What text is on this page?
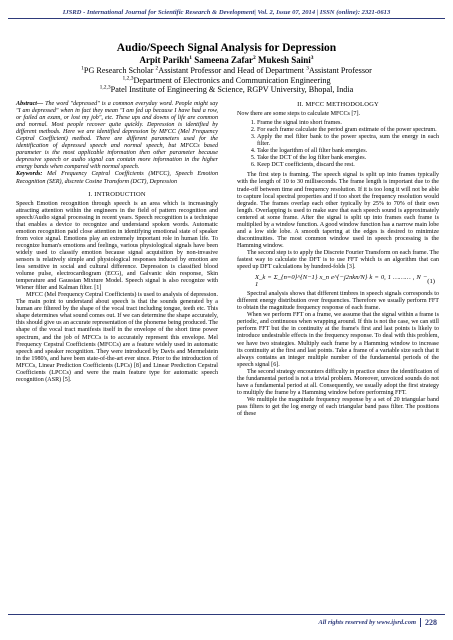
IJSRD - International Journal for Scientific Research & Development| Vol. 2, Issue 07, 2014 | ISSN (online): 2321-0613
Audio/Speech Signal Analysis for Depression
Arpit Parikh$^1$ Sameena Zafar$^2$ Mukesh Saini$^3$
$^1$PG Research Scholar $^2$Assistant Professor and Head of Department $^3$Assistant Professor
$^{1,2,3}$Department of Electronics and Communication Engineering
$^{1,2,3}$Patel Institute of Engineering & Science, RGPV University, Bhopal, India

Abstract— The word "depressed" is a common everyday word. People might say "I am depressed" when in fact they mean "I am fed up because I have had a row, or failed an exam, or lost my job", etc. These ups and downs of life are common and normal. Most people recover quite quickly. Depression is identified by different methods. Here we are identified depression by MFCC (Mel Frequency Ceptral Coefficient) method. There are different parameters used for the identification of depressed speech and normal speech, but MFCCs based parameter is the most applicable information then other parameter because depressive speech or audio signal can contain more information in the higher energy bands when compared with normal speech.

Keywords: Mel Frequency Ceptral Coefficients (MFCC), Speech Emotion Recognition (SER), discrete Cosine Transform (DCT), Depression

I. INTRODUCTION

Speech Emotion recognition through speech is an area which is increasingly attracting attention within the engineers in the field of pattern recognition and speech/Audio signal processing in recent years. Speech recognition is a technique that enables a device to recognize and understand spoken words. Automatic emotion recognition paid close attention in identifying emotional state of speaker from voice signal. Emotions play an extremely important role in human life. To recognize human's emotions and feelings, various physiological signals have been widely used to classify emotion because signal acquisition by non-invasive sensors is relatively simple and physiological responses induced by emotion are less sensitive in social and cultural difference. Depression is classified blood volume pulse, electrocardiogram (ECG), and Galvanic skin response, Skin temperature and Gaussian Mixture Model. Speech signal is also recognize with Wiener filter and Kalman filter. [1]

MFCC (Mel Frequency Ceptral Coefficients) is used to analysis of depression. The main point to understand about speech is that the sounds generated by a human are filtered by the shape of the vocal tract including tongue, teeth etc. This shape determines what sound comes out. If we can determine the shape accurately, this should give us an accurate representation of the phoneme being produced. The shape of the vocal tract manifests itself in the envelope of the short time power spectrum, and the job of MFCCs is to accurately represent this envelope. Mel Frequency Cepstral Coefficients (MFCCs) are a feature widely used in automatic speech and speaker recognition. They were introduced by Davis and Mermelstein in the 1980's, and have been state-of-the-art ever since. Prior to the introduction of MFCCs, Linear Prediction Coefficients (LPCs) [8] and Linear Prediction Cepstral Coefficients (LPCCs) and were the main feature type for automatic speech recognition (ASR) [5].

II. MFCC METHODOLOGY

Now there are some steps to calculate MFCCs [7].

1. Frame the signal into short frames.
2. For each frame calculate the period gram estimate of the power spectrum.
3. Apply the mel filter bank to the power spectra, sum the energy in each filter.
4. Take the logarithm of all filter bank energies.
5. Take the DCT of the log filter bank energies.
6. Keep DCT coefficients, discard the rest.

The first step is framing. The speech signal is split up into frames typically with the length of 10 to 30 milliseconds. The frame length is important due to the trade-off between time and frequency resolution. If it is too long it will not be able to capture local spectral properties and if too short the frequency resolution would degrade. The frames overlap each other typically by 25% to 70% of their own length. Overlapping is used to make sure that each speech sound is approximately centered at some frame. After the signal is split up into frames each frame is multiplied by a window function. A good window function has a narrow main lobe and a low side lobe. A smooth tapering at the edges is desired to minimize discontinuities. The most common window used in speech processing is the Hamming window.

The second step is to apply the Discrete Fourier Transform on each frame. The fastest way to calculate the DFT is to use FFT which is an algorithm that can speed up DFT calculations by hundred-folds [3].

X_k = Σ_{n=0}^{N−1} x_n e^{−j2πkn/N} k = 0, 1 ……… , N − 1
(1)

Spectral analysis shows that different timbres in speech signals corresponds to different energy distribution over frequencies. Therefore we usually perform FFT to obtain the magnitude frequency response of each frame.

When we perform FFT on a frame, we assume that the signal within a frame is periodic, and continuous when wrapping around. If this is not the case, we can still perform FFT but the in continuity at the frame's first and last points is likely to introduce undesirable effects in the frequency response. To deal with this problem, we have two strategies. Multiply each frame by a Hamming window to increase its continuity at the first and last points. Take a frame of a variable size such that it always contains an integer multiple number of the fundamental periods of the speech signal [6].

The second strategy encounters difficulty in practice since the identification of the fundamental period is not a trivial problem. Moreover, unvoiced sounds do not have a fundamental period at all. Consequently, we usually adopt the first strategy to multiply the frame by a Hamming window before performing FFT.

We multiple the magnitude frequency response by a set of 20 triangular band pass filters to get the log energy of each triangular band pass filter. The positions of these

All rights reserved by www.ijsrd.com	228
